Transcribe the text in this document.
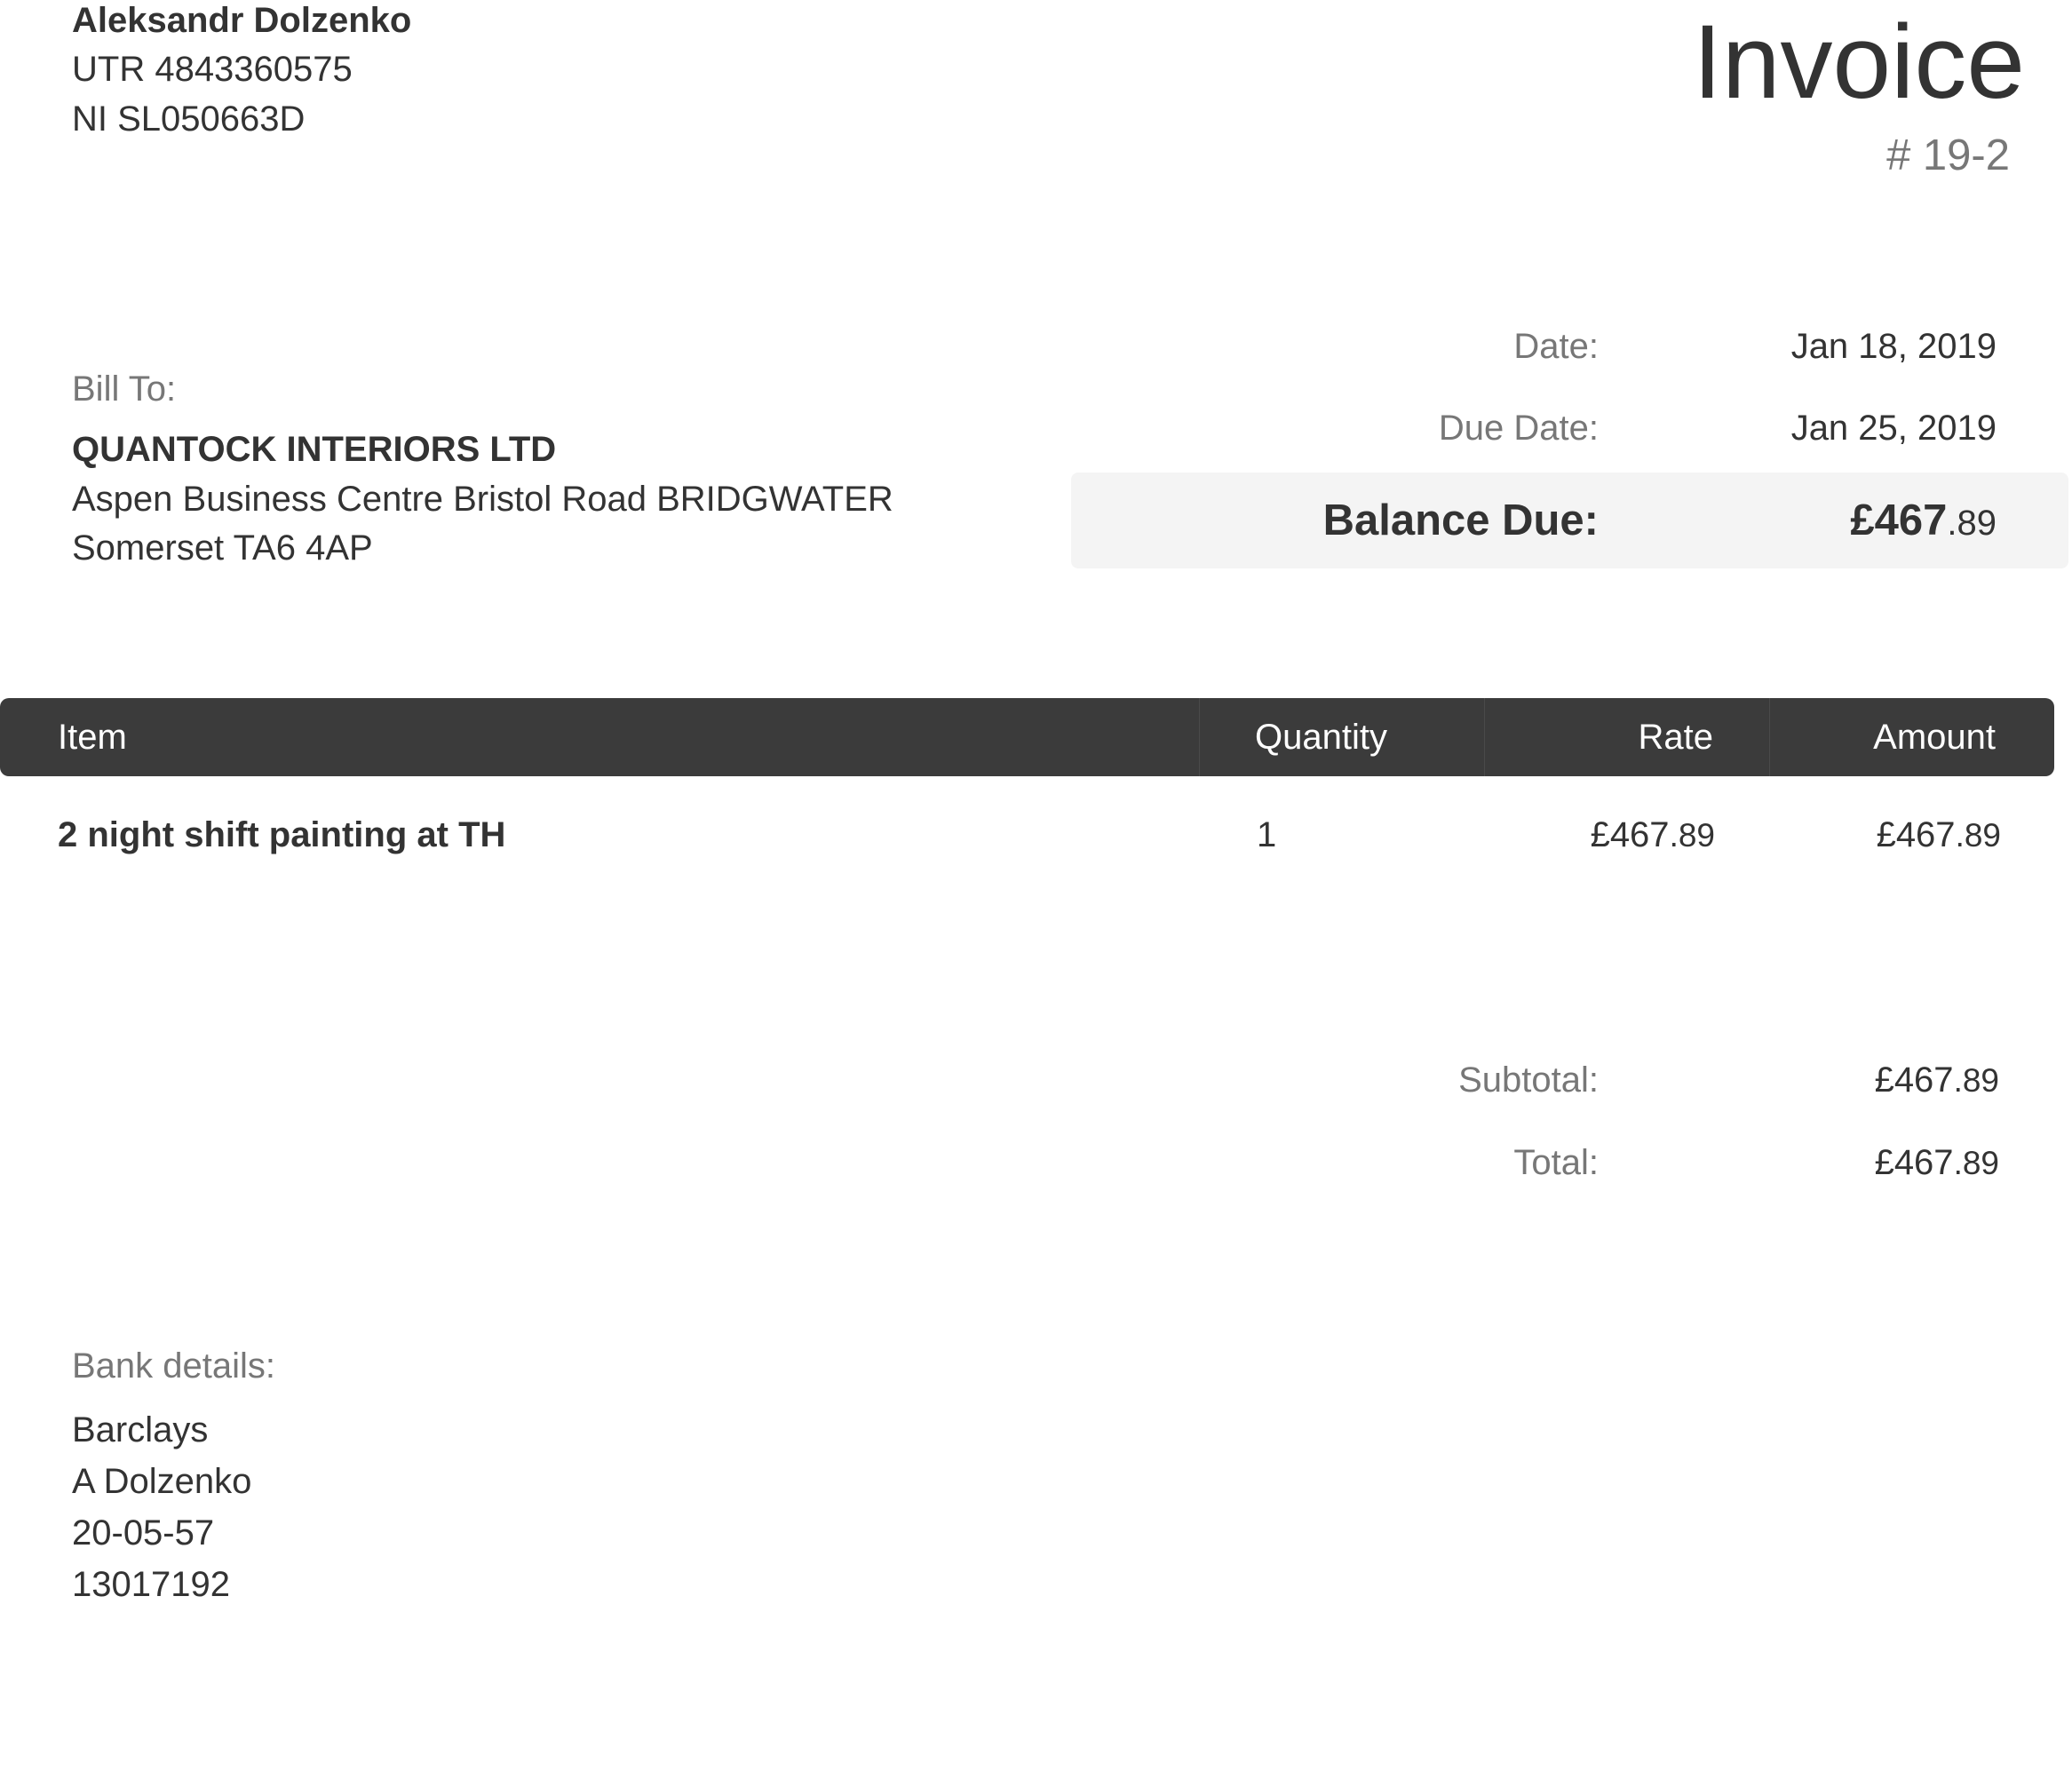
Aleksandr Dolzenko
UTR 4843360575
NI SL050663D	Invoice
# 19-2
Bill To:
QUANTOCK INTERIORS LTD
Aspen Business Centre Bristol Road BRIDGWATER Somerset TA6 4AP
Date:	Jan 18, 2019
Due Date:	Jan 25, 2019
Balance Due:	£467.89
Item	Quantity	Rate	Amount
2 night shift painting at TH	1	£467.89	£467.89
Subtotal:	£467.89
Total:	£467.89
Bank details:
Barclays
A Dolzenko
20-05-57
13017192
